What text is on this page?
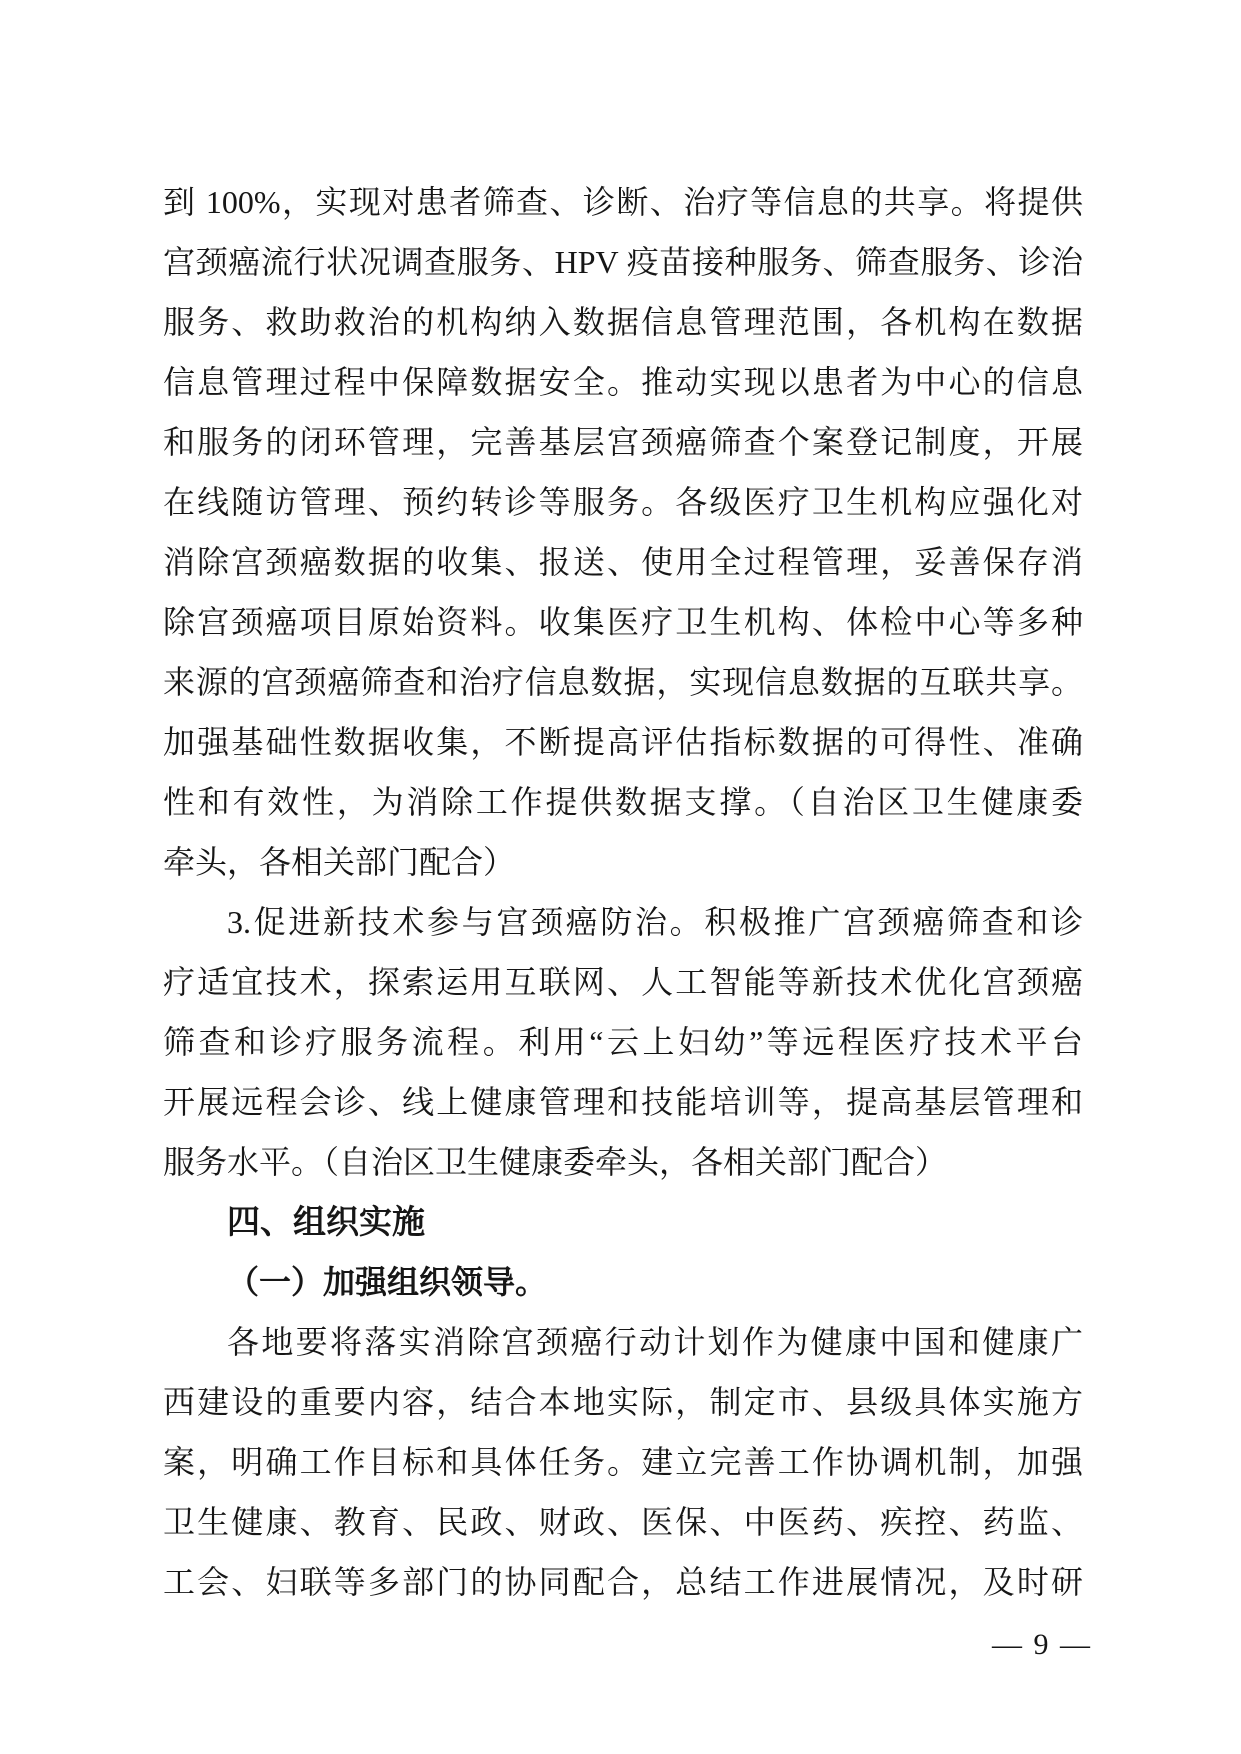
到 100%，实现对患者筛查、诊断、治疗等信息的共享。将提供
宫颈癌流行状况调查服务、HPV 疫苗接种服务、筛查服务、诊治
服务、救助救治的机构纳入数据信息管理范围，各机构在数据
信息管理过程中保障数据安全。推动实现以患者为中心的信息
和服务的闭环管理，完善基层宫颈癌筛查个案登记制度，开展
在线随访管理、预约转诊等服务。各级医疗卫生机构应强化对
消除宫颈癌数据的收集、报送、使用全过程管理，妥善保存消
除宫颈癌项目原始资料。收集医疗卫生机构、体检中心等多种
来源的宫颈癌筛查和治疗信息数据，实现信息数据的互联共享。
加强基础性数据收集，不断提高评估指标数据的可得性、准确
性和有效性，为消除工作提供数据支撑。（自治区卫生健康委
牵头，各相关部门配合）
3.促进新技术参与宫颈癌防治。积极推广宫颈癌筛查和诊
疗适宜技术，探索运用互联网、人工智能等新技术优化宫颈癌
筛查和诊疗服务流程。利用“云上妇幼”等远程医疗技术平台
开展远程会诊、线上健康管理和技能培训等，提高基层管理和
服务水平。（自治区卫生健康委牵头，各相关部门配合）
四、组织实施
（一）加强组织领导。
各地要将落实消除宫颈癌行动计划作为健康中国和健康广
西建设的重要内容，结合本地实际，制定市、县级具体实施方
案，明确工作目标和具体任务。建立完善工作协调机制，加强
卫生健康、教育、民政、财政、医保、中医药、疾控、药监、
工会、妇联等多部门的协同配合，总结工作进展情况，及时研
— 9 —
